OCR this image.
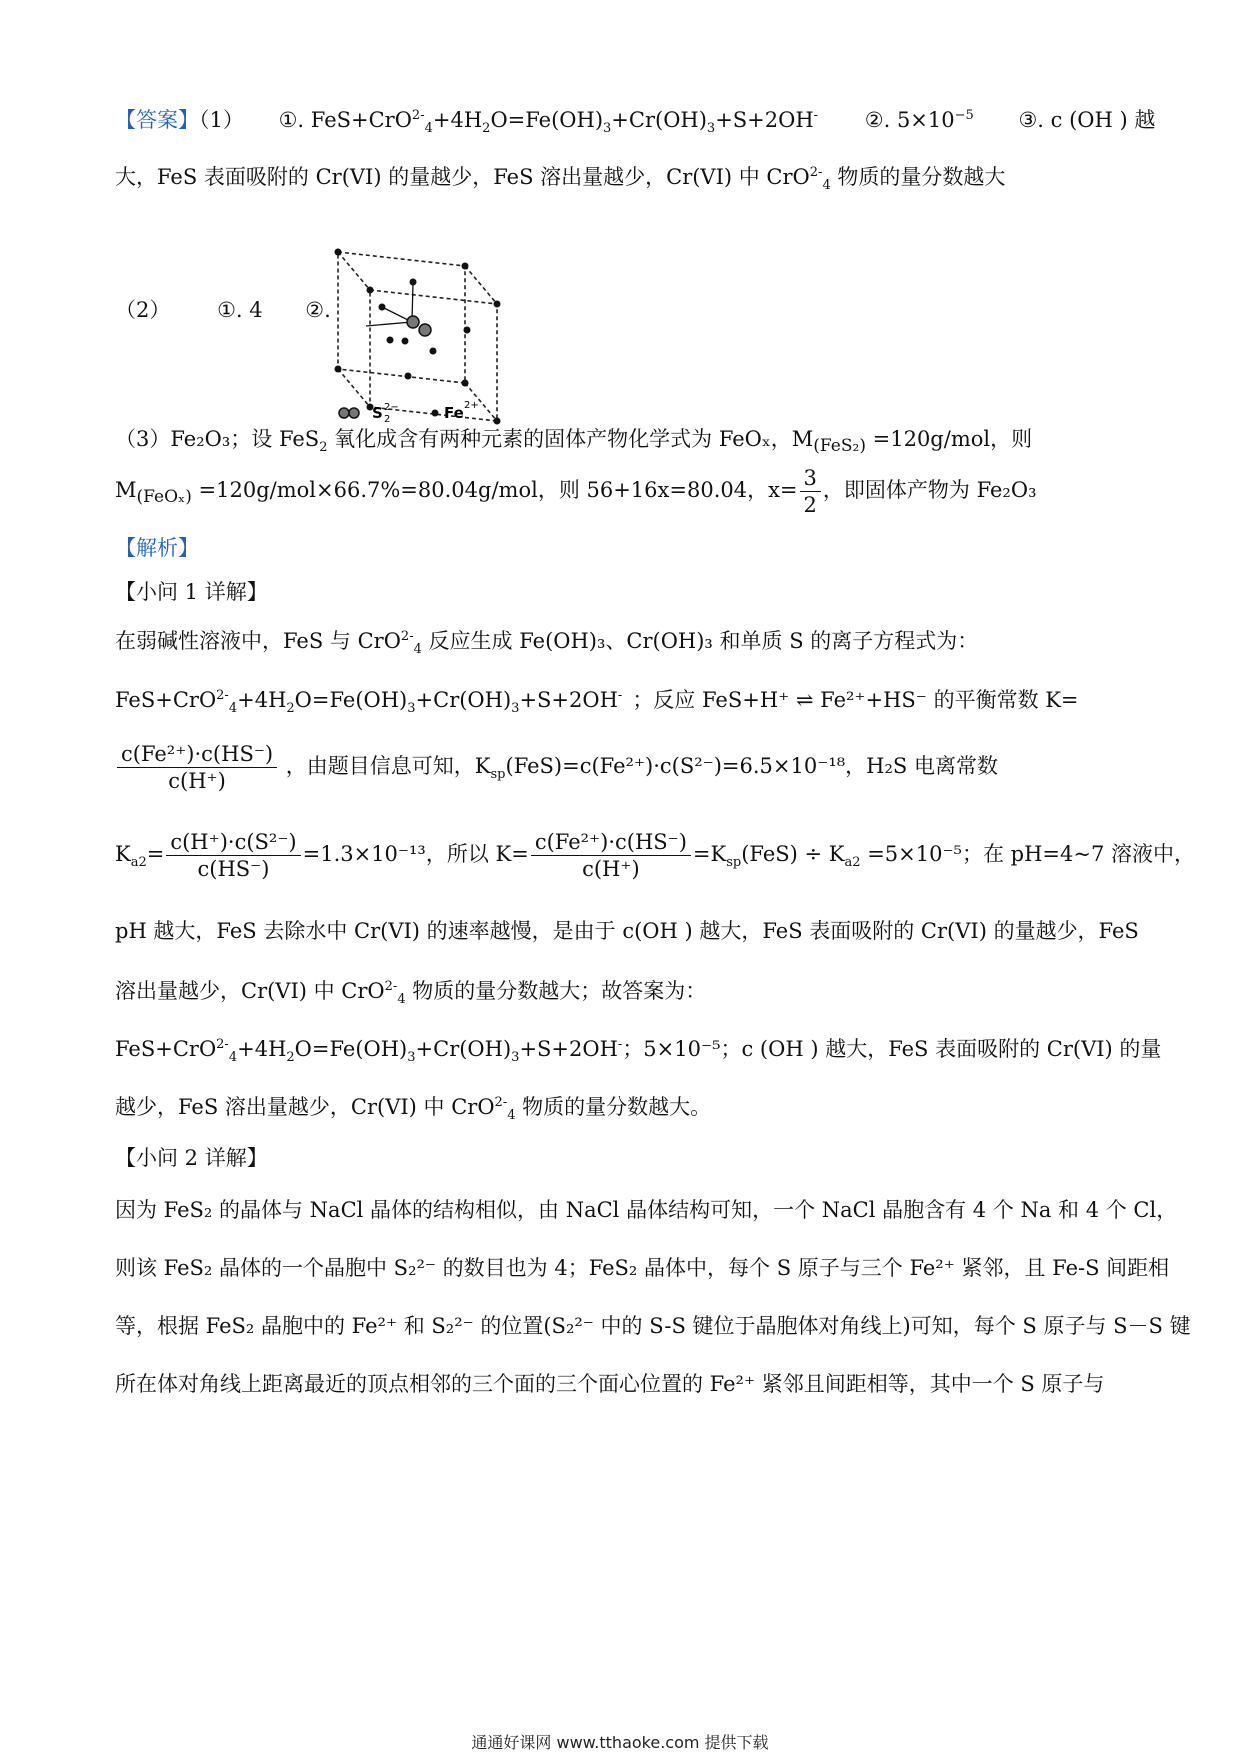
【答案】（1） ①. $FeS+CrO^{2-}_4+4H_2O=Fe(OH)_3+Cr(OH)_3+S+2OH^-$ ②. $5\times 10^{-5}$ ③. c (OH ) 越
大，FeS 表面吸附的 Cr(VI) 的量越少，FeS 溶出量越少，Cr(VI) 中 CrO$^{2-}_4$ 物质的量分数越大
（2） ①. 4 ②.
S 2−
2	Fe 2+
（3）Fe₂O₃；设 FeS$_2$ 氧化成含有两种元素的固体产物化学式为 FeOₓ，$M_{(FeS_2)} =120g/mol$，则
$M_{(FeO_x)} =120g/mol\times 66.7\%=80.04g/mol$，则 56+16x=80.04，$x= \frac{3}{2}$ ，即固体产物为 Fe₂O₃
【解析】
【小问 1 详解】
在弱碱性溶液中，FeS 与 CrO$^{2-}_4$ 反应生成 Fe(OH)₃、Cr(OH)₃ 和单质 S 的离子方程式为：
$FeS+CrO^{2-}_4+4H_2O=Fe(OH)_3+Cr(OH)_3+S+2OH^-$ ；反应 FeS+H⁺ ⇌ Fe²⁺+HS⁻ 的平衡常数 K=
$\frac{\text{c(Fe²⁺)·c(HS⁻)}}{c(H^+)}$ ，由题目信息可知，$K_{sp}(FeS)=c(Fe^{2+})\cdot c(S^{2-})=6.5\times 10^{-18}$，H₂S 电离常数
$K_{a2}= \frac{\text{c(H⁺)·c(S²⁻)}}{c(HS^-)} =1.3\times 10^{-13}$，所以 $K= \frac{\text{c(Fe²⁺)·c(HS⁻)}}{c(H^+)} =K_{sp}(FeS) \div K_{a2} =5\times 10^{-5}$；在 pH=4~7 溶液中，
pH 越大，FeS 去除水中 Cr(VI) 的速率越慢，是由于 c(OH ) 越大，FeS 表面吸附的 Cr(VI) 的量越少，FeS
溶出量越少，Cr(VI) 中 CrO$^{2-}_4$ 物质的量分数越大；故答案为：
$FeS+CrO^{2-}_4+4H_2O=Fe(OH)_3+Cr(OH)_3+S+2OH^-$；5×10⁻⁵；c (OH ) 越大，FeS 表面吸附的 Cr(VI) 的量
越少，FeS 溶出量越少，Cr(VI) 中 CrO$^{2-}_4$ 物质的量分数越大。
【小问 2 详解】
因为 FeS₂ 的晶体与 NaCl 晶体的结构相似，由 NaCl 晶体结构可知，一个 NaCl 晶胞含有 4 个 Na 和 4 个 Cl，
则该 FeS₂ 晶体的一个晶胞中 S₂²⁻ 的数目也为 4；FeS₂ 晶体中，每个 S 原子与三个 Fe²⁺ 紧邻，且 Fe-S 间距相
等，根据 FeS₂ 晶胞中的 Fe²⁺ 和 S₂²⁻ 的位置(S₂²⁻ 中的 S-S 键位于晶胞体对角线上)可知，每个 S 原子与 S－S 键
所在体对角线上距离最近的顶点相邻的三个面的三个面心位置的 Fe²⁺ 紧邻且间距相等，其中一个 S 原子与
通通好课网 www.tthaoke.com 提供下载
